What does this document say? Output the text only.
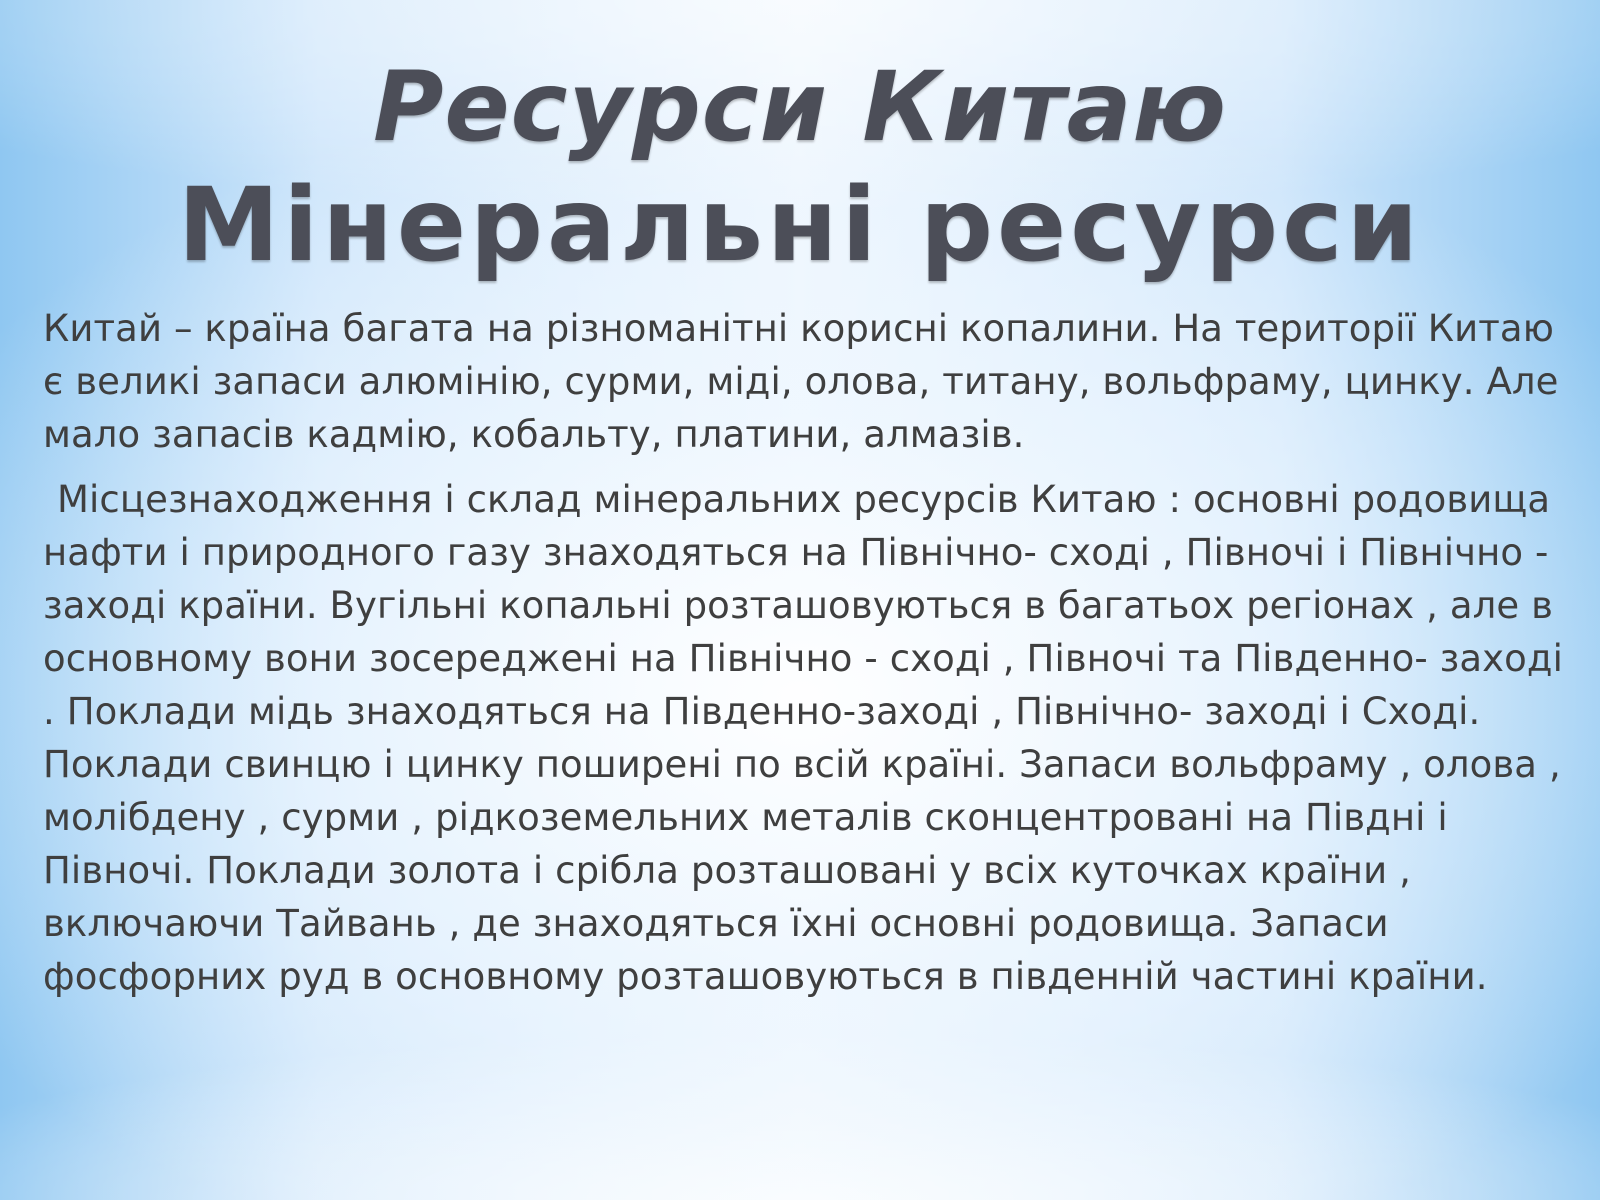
Ресурси Китаю
Мінеральні ресурси

Китай – країна багата на різноманітні корисні копалини. На території Китаю є великі запаси алюмінію, сурми, міді, олова, титану, вольфраму, цинку. Але мало запасів кадмію, кобальту, платини, алмазів.

Місцезнаходження і склад мінеральних ресурсів Китаю : основні родовища нафти і природного газу знаходяться на Північно- сході , Півночі і Північно - заході країни. Вугільні копальні розташовуються в багатьох регіонах , але в основному вони зосереджені на Північно - сході , Півночі та Південно- заході . Поклади мідь знаходяться на Південно-заході , Північно- заході і Сході. Поклади свинцю і цинку поширені по всій країні. Запаси вольфраму , олова , молібдену , сурми , рідкоземельних металів сконцентровані на Півдні і Півночі. Поклади золота і срібла розташовані у всіх куточках країни , включаючи Тайвань , де знаходяться їхні основні родовища. Запаси фосфорних руд в основному розташовуються в південній частині країни.
